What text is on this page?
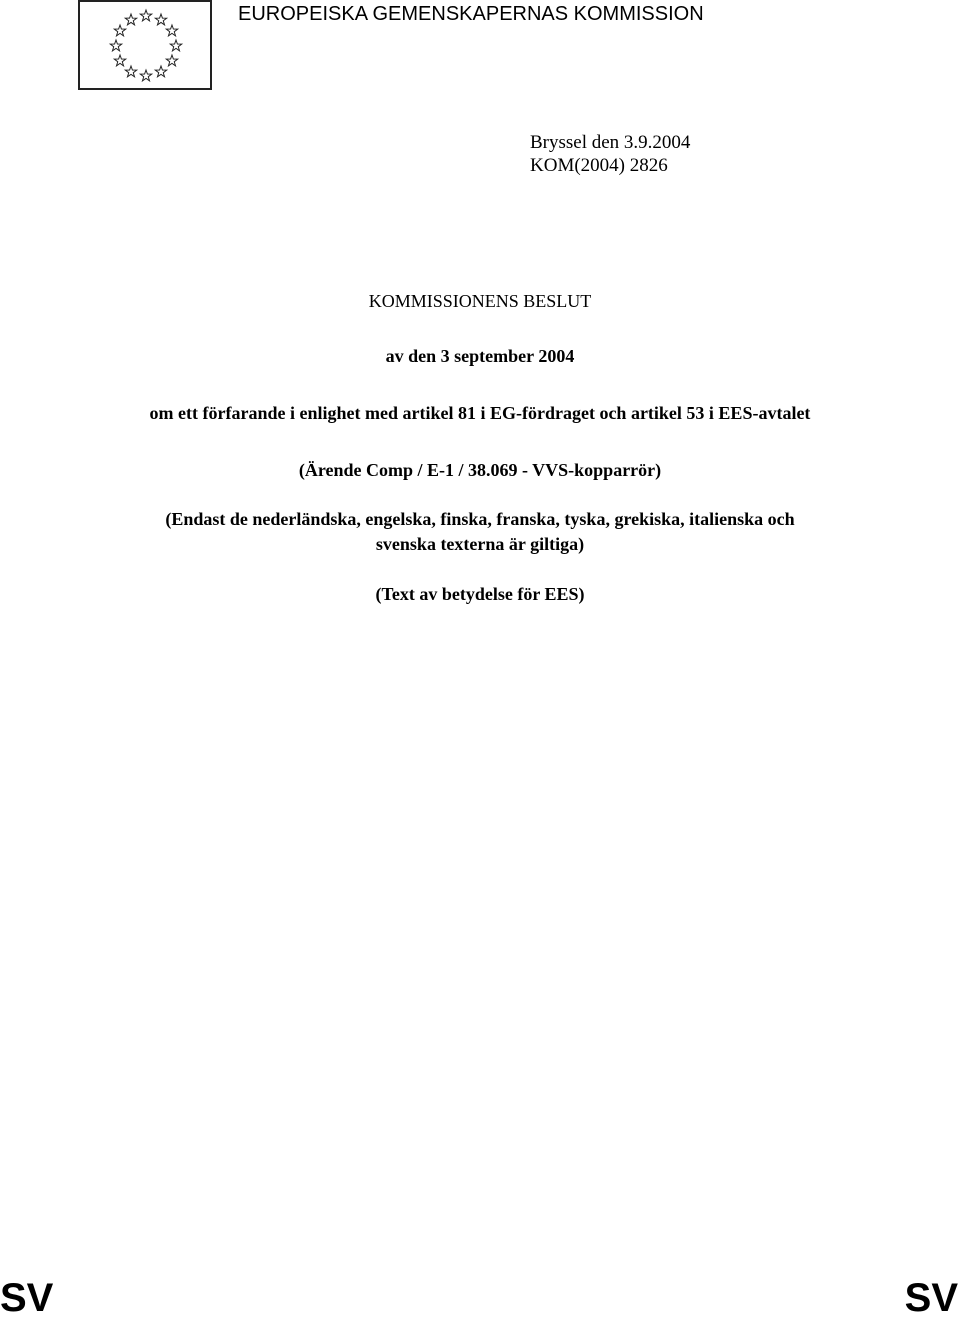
EUROPEISKA GEMENSKAPERNAS KOMMISSION
Bryssel den 3.9.2004
KOM(2004) 2826
KOMMISSIONENS BESLUT
av den 3 september 2004
om ett förfarande i enlighet med artikel 81 i EG-fördraget och artikel 53 i EES-avtalet
(Ärende Comp / E-1 / 38.069 - VVS-kopparrör)
(Endast de nederländska, engelska, finska, franska, tyska, grekiska, italienska och
svenska texterna är giltiga)
(Text av betydelse för EES)
SV	SV
